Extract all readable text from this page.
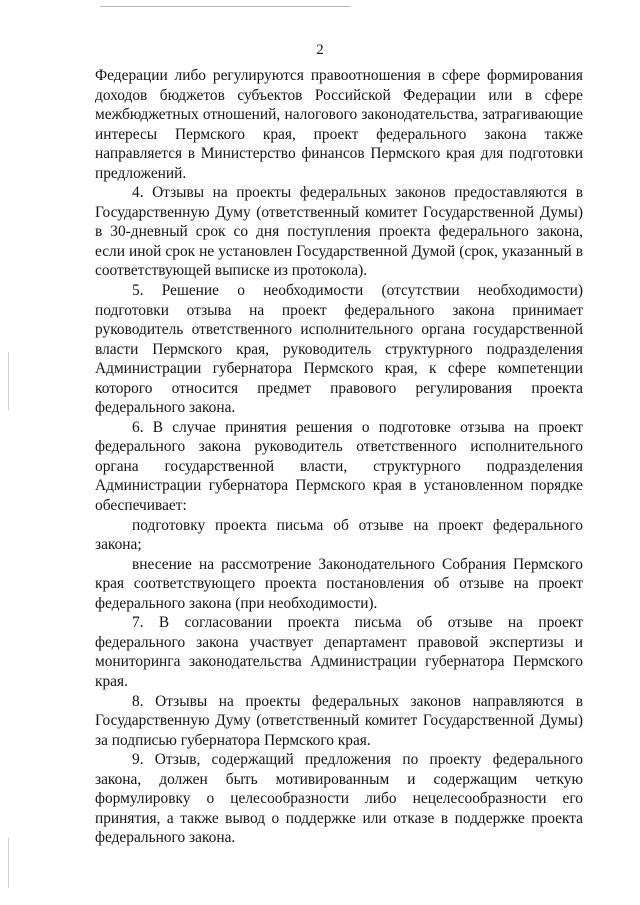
2

Федерации либо регулируются правоотношения в сфере формирования доходов бюджетов субъектов Российской Федерации или в сфере межбюджетных отношений, налогового законодательства, затрагивающие интересы Пермского края, проект федерального закона также направляется в Министерство финансов Пермского края для подготовки предложений.

4. Отзывы на проекты федеральных законов предоставляются в Государственную Думу (ответственный комитет Государственной Думы) в 30-дневный срок со дня поступления проекта федерального закона, если иной срок не установлен Государственной Думой (срок, указанный в соответствующей выписке из протокола).

5. Решение о необходимости (отсутствии необходимости) подготовки отзыва на проект федерального закона принимает руководитель ответственного исполнительного органа государственной власти Пермского края, руководитель структурного подразделения Администрации губернатора Пермского края, к сфере компетенции которого относится предмет правового регулирования проекта федерального закона.

6. В случае принятия решения о подготовке отзыва на проект федерального закона руководитель ответственного исполнительного органа государственной власти, структурного подразделения Администрации губернатора Пермского края в установленном порядке обеспечивает:

подготовку проекта письма об отзыве на проект федерального закона;

внесение на рассмотрение Законодательного Собрания Пермского края соответствующего проекта постановления об отзыве на проект федерального закона (при необходимости).

7. В согласовании проекта письма об отзыве на проект федерального закона участвует департамент правовой экспертизы и мониторинга законодательства Администрации губернатора Пермского края.

8. Отзывы на проекты федеральных законов направляются в Государственную Думу (ответственный комитет Государственной Думы) за подписью губернатора Пермского края.

9. Отзыв, содержащий предложения по проекту федерального закона, должен быть мотивированным и содержащим четкую формулировку о целесообразности либо нецелесообразности его принятия, а также вывод о поддержке или отказе в поддержке проекта федерального закона.
